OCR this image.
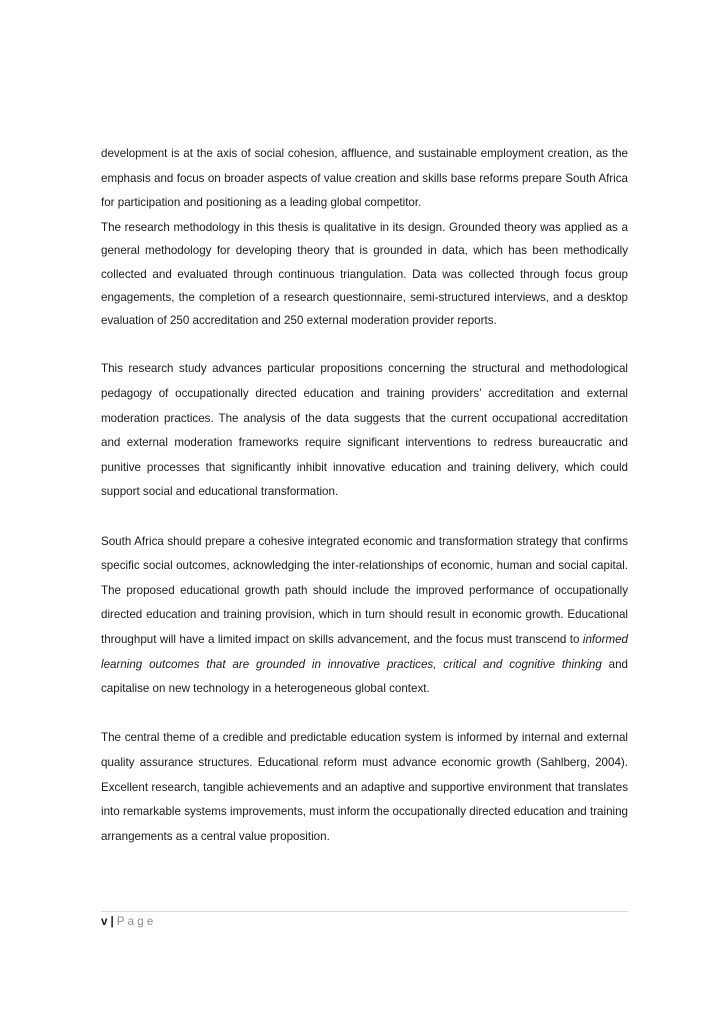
development is at the axis of social cohesion, affluence, and sustainable employment creation, as the emphasis and focus on broader aspects of value creation and skills base reforms prepare South Africa for participation and positioning as a leading global competitor.

The research methodology in this thesis is qualitative in its design. Grounded theory was applied as a general methodology for developing theory that is grounded in data, which has been methodically collected and evaluated through continuous triangulation. Data was collected through focus group engagements, the completion of a research questionnaire, semi-structured interviews, and a desktop evaluation of 250 accreditation and 250 external moderation provider reports.

This research study advances particular propositions concerning the structural and methodological pedagogy of occupationally directed education and training providers’ accreditation and external moderation practices. The analysis of the data suggests that the current occupational accreditation and external moderation frameworks require significant interventions to redress bureaucratic and punitive processes that significantly inhibit innovative education and training delivery, which could support social and educational transformation.

South Africa should prepare a cohesive integrated economic and transformation strategy that confirms specific social outcomes, acknowledging the inter-relationships of economic, human and social capital. The proposed educational growth path should include the improved performance of occupationally directed education and training provision, which in turn should result in economic growth. Educational throughput will have a limited impact on skills advancement, and the focus must transcend to informed learning outcomes that are grounded in innovative practices, critical and cognitive thinking and capitalise on new technology in a heterogeneous global context.

The central theme of a credible and predictable education system is informed by internal and external quality assurance structures. Educational reform must advance economic growth (Sahlberg, 2004). Excellent research, tangible achievements and an adaptive and supportive environment that translates into remarkable systems improvements, must inform the occupationally directed education and training arrangements as a central value proposition.

v | Page
